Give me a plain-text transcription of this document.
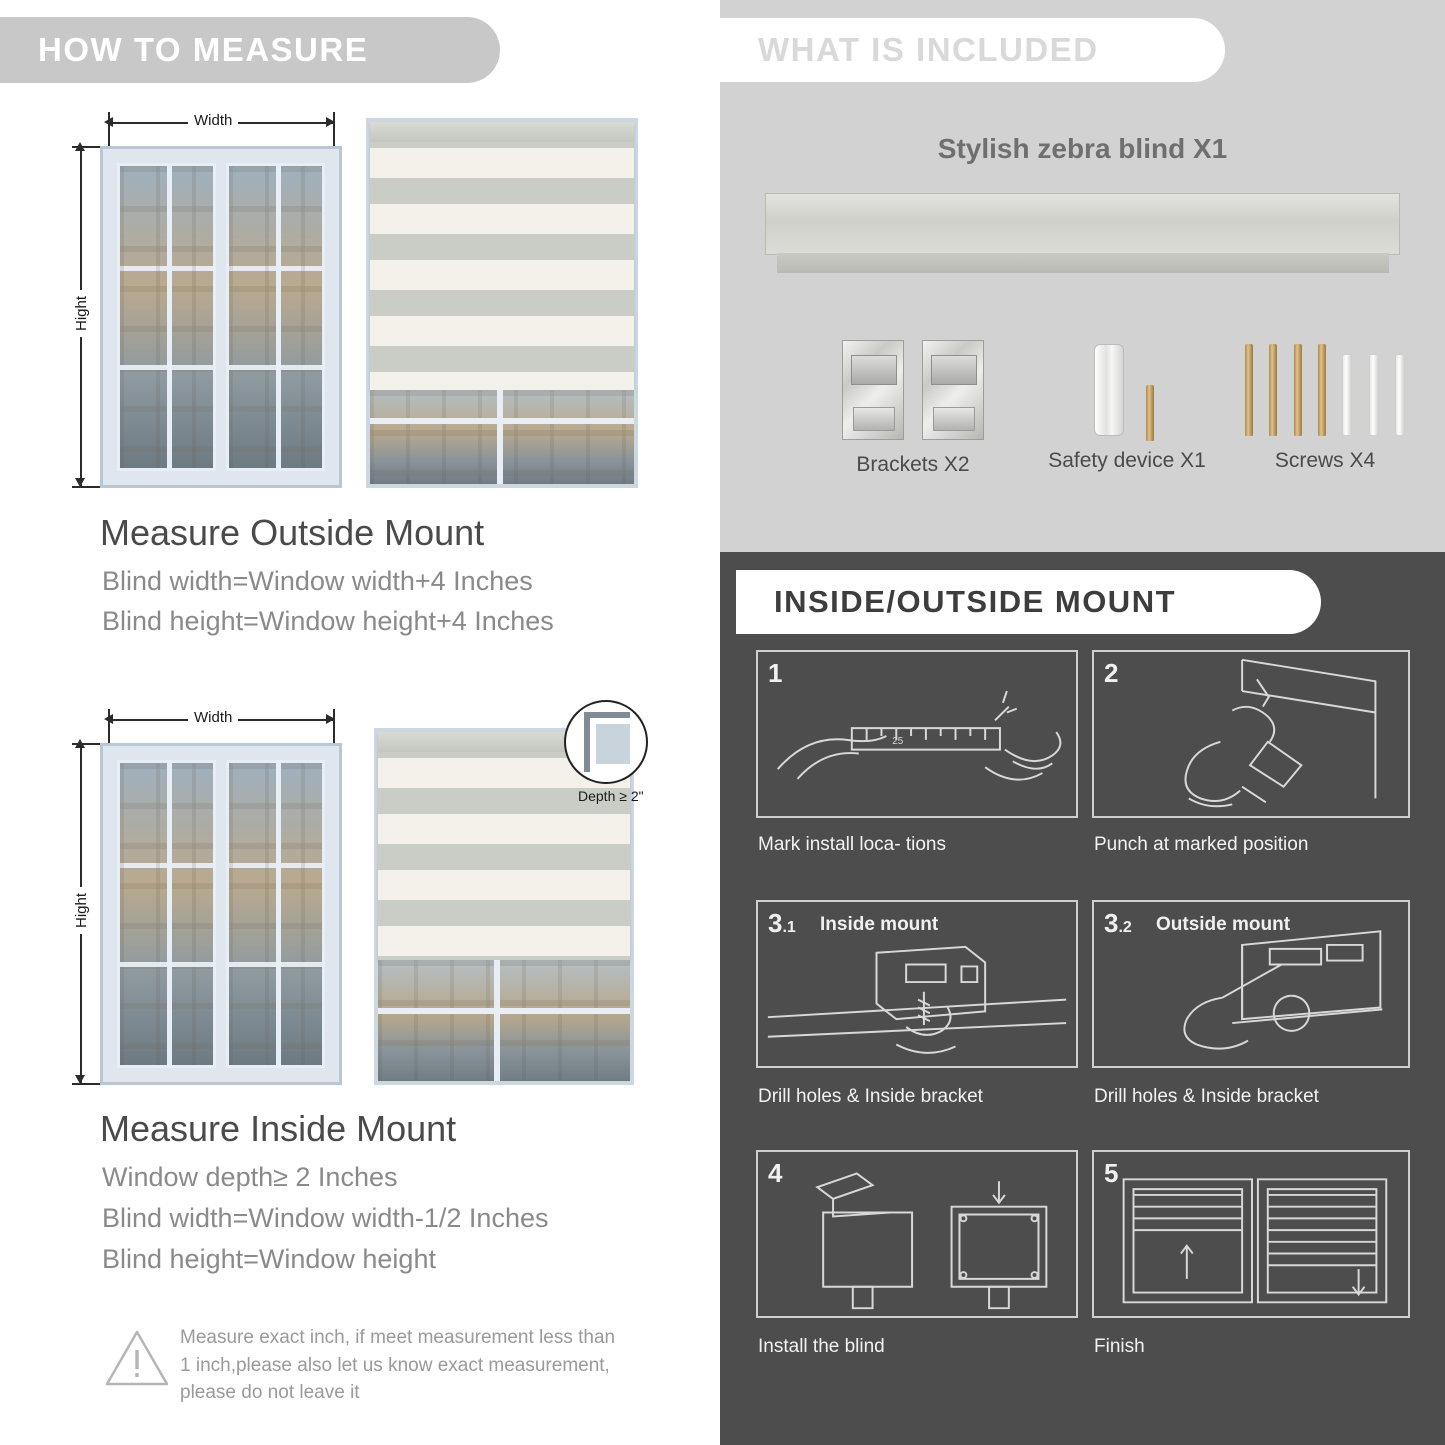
HOW TO MEASURE
Width
Hight
Measure Outside Mount
Blind width=Window width+4 Inches
Blind height=Window height+4 Inches
Width
Hight
Depth ≥ 2"
Measure Inside Mount
Window depth≥ 2 Inches
Blind width=Window width-1/2 Inches
Blind height=Window height
Measure exact inch, if meet measurement less than 1 inch,please also let us know exact measurement, please do not leave it
WHAT IS INCLUDED
Stylish zebra blind X1

Brackets X2
	Safety device X1
	Screws X4
INSIDE/OUTSIDE MOUNT
1
25
Mark install loca- tions
2
Punch at marked position
3.1 Inside mount
Drill holes & Inside bracket
3.2 Outside mount
Drill holes & Inside bracket
4
Install the blind
5
Finish
